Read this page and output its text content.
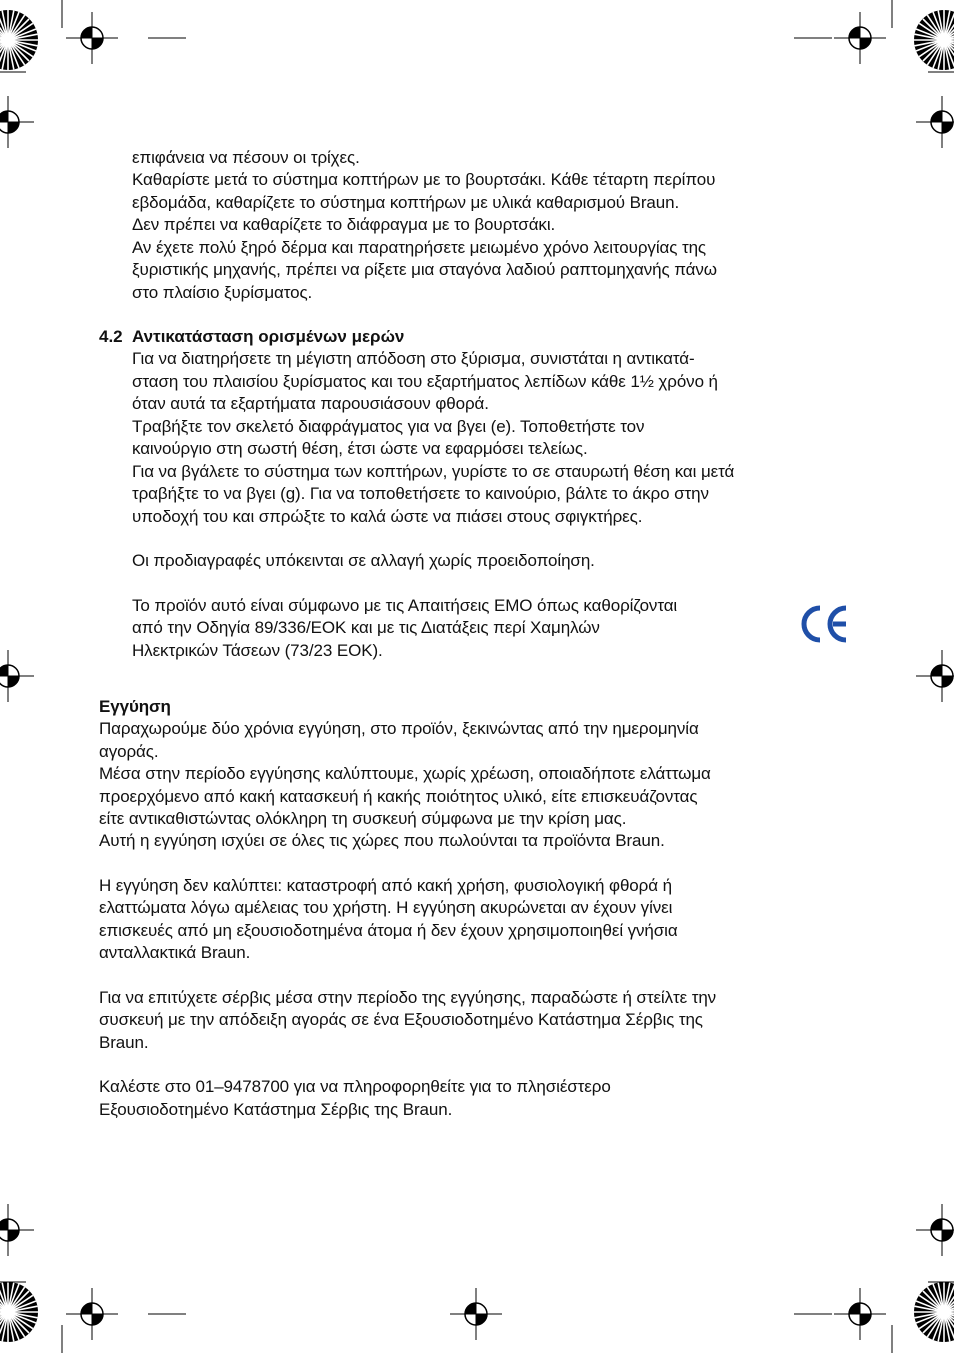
επιφάνεια να πέσουν οι τρίχες.
Καθαρίστε μετά το σύστημα κοπτήρων με το βουρτσάκι. Κάθε τέταρτη περίπου
εβδομάδα, καθαρίζετε το σύστημα κοπτήρων με υλικά καθαρισμού Braun.
Δεν πρέπει να καθαρίζετε το διάφραγμα με το βουρτσάκι.
Αν έχετε πολύ ξηρό δέρμα και παρατηρήσετε μειωμένο χρόνο λειτουργίας της
ξυριστικής μηχανής, πρέπει να ρίξετε μια σταγόνα λαδιού ραπτομηχανής πάνω
στο πλαίσιο ξυρίσματος.
4.2 Αντικατάσταση ορισμένων μερών
Για να διατηρήσετε τη μέγιστη απόδοση στο ξύρισμα, συνιστάται η αντικατά-
σταση του πλαισίου ξυρίσματος και του εξαρτήματος λεπίδων κάθε 1½ χρόνο ή
όταν αυτά τα εξαρτήματα παρουσιάσουν φθορά.
Τραβήξτε τον σκελετό διαφράγματος για να βγει (e). Τοποθετήστε τον
καινούργιο στη σωστή θέση, έτσι ώστε να εφαρμόσει τελείως.
Για να βγάλετε το σύστημα των κοπτήρων, γυρίστε το σε σταυρωτή θέση και μετά
τραβήξτε το να βγει (g). Για να τοποθετήσετε το καινούριο, βάλτε το άκρο στην
υποδοχή του και σπρώξτε το καλά ώστε να πιάσει στους σφιγκτήρες.
Οι προδιαγραφές υπόκεινται σε αλλαγή χωρίς προειδοποίηση.
Το προϊόν αυτό είναι σύμφωνο με τις Απαιτήσεις ΕΜΟ όπως καθορίζονται
από την Οδηγία 89/336/ΕΟΚ και με τις Διατάξεις περί Χαμηλών
Ηλεκτρικών Τάσεων (73/23 ΕΟΚ).
Εγγύηση
Παραχωρούμε δύο χρόνια εγγύηση, στο προϊόν, ξεκινώντας από την ημερομηνία
αγοράς.
Μέσα στην περίοδο εγγύησης καλύπτουμε, χωρίς χρέωση, οποιαδήποτε ελάττωμα
προερχόμενο από κακή κατασκευή ή κακής ποιότητος υλικό, είτε επισκευάζοντας
είτε αντικαθιστώντας ολόκληρη τη συσκευή σύμφωνα με την κρίση μας.
Αυτή η εγγύηση ισχύει σε όλες τις χώρες που πωλούνται τα προϊόντα Braun.
Η εγγύηση δεν καλύπτει: καταστροφή από κακή χρήση, φυσιολογική φθορά ή
ελαττώματα λόγω αμέλειας του χρήστη. Η εγγύηση ακυρώνεται αν έχουν γίνει
επισκευές από μη εξουσιοδοτημένα άτομα ή δεν έχουν χρησιμοποιηθεί γνήσια
ανταλλακτικά Braun.
Για να επιτύχετε σέρβις μέσα στην περίοδο της εγγύησης, παραδώστε ή στείλτε την
συσκευή με την απόδειξη αγοράς σε ένα Εξουσιοδοτημένο Κατάστημα Σέρβις της
Braun.
Καλέστε στο 01–9478700 για να πληροφορηθείτε για το πλησιέστερο
Εξουσιοδοτημένο Κατάστημα Σέρβις της Braun.
